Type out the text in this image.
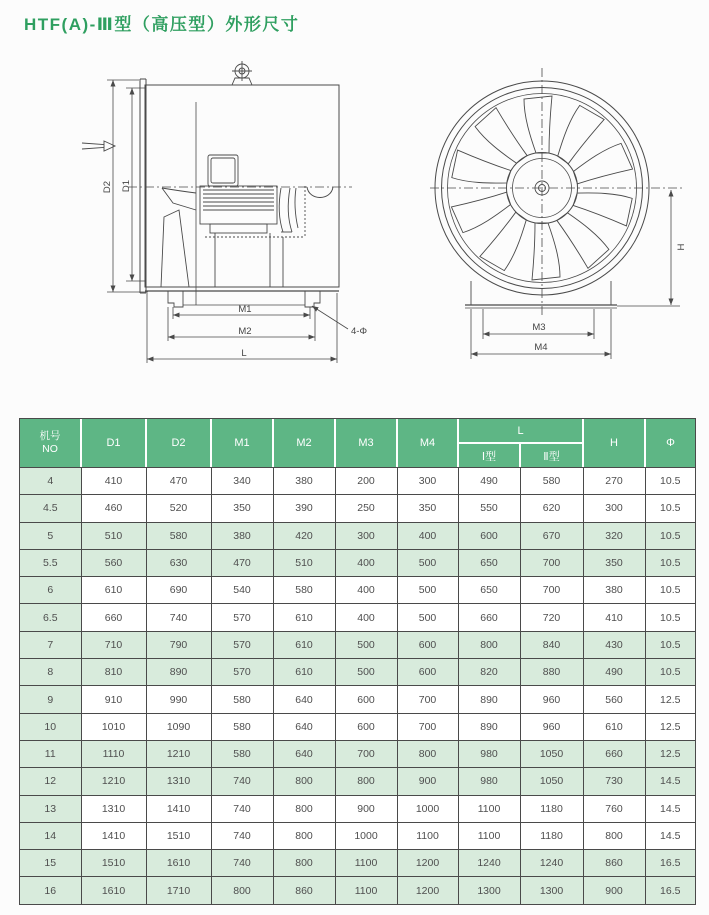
HTF(A)-Ⅲ型（高压型）外形尺寸
D2 D1
M1
M2
L
4-Φ
H
M3
M4
机号
NO	D1	D2	M1	M2	M3	M4	L		H	Φ
							Ⅰ型	Ⅱ型		
4	410	470	340	380	200	300	490	580	270	10.5
4.5	460	520	350	390	250	350	550	620	300	10.5
5	510	580	380	420	300	400	600	670	320	10.5
5.5	560	630	470	510	400	500	650	700	350	10.5
6	610	690	540	580	400	500	650	700	380	10.5
6.5	660	740	570	610	400	500	660	720	410	10.5
7	710	790	570	610	500	600	800	840	430	10.5
8	810	890	570	610	500	600	820	880	490	10.5
9	910	990	580	640	600	700	890	960	560	12.5
10	1010	1090	580	640	600	700	890	960	610	12.5
11	1110	1210	580	640	700	800	980	1050	660	12.5
12	1210	1310	740	800	800	900	980	1050	730	14.5
13	1310	1410	740	800	900	1000	1100	1180	760	14.5
14	1410	1510	740	800	1000	1100	1100	1180	800	14.5
15	1510	1610	740	800	1100	1200	1240	1240	860	16.5
16	1610	1710	800	860	1100	1200	1300	1300	900	16.5
